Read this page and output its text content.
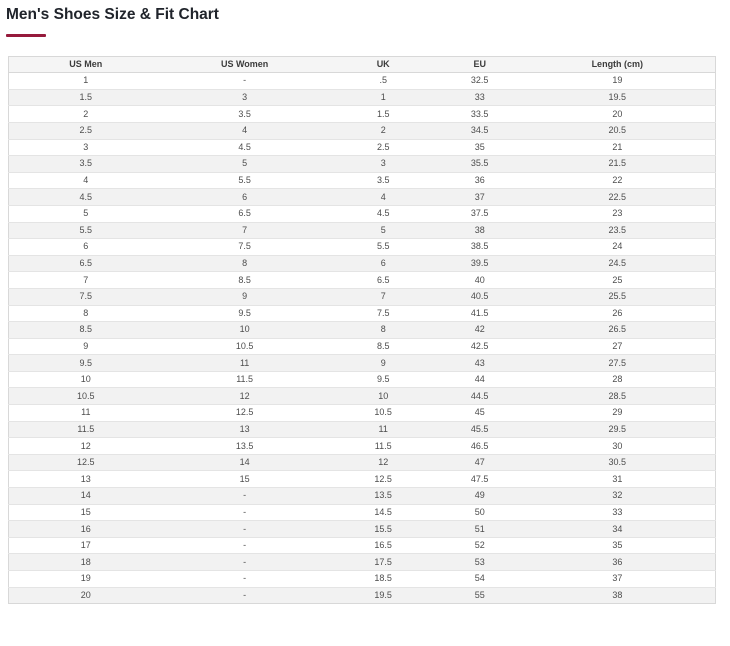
Men's Shoes Size & Fit Chart
US Men	US Women	UK	EU	Length (cm)
1	-	.5	32.5	19
1.5	3	1	33	19.5
2	3.5	1.5	33.5	20
2.5	4	2	34.5	20.5
3	4.5	2.5	35	21
3.5	5	3	35.5	21.5
4	5.5	3.5	36	22
4.5	6	4	37	22.5
5	6.5	4.5	37.5	23
5.5	7	5	38	23.5
6	7.5	5.5	38.5	24
6.5	8	6	39.5	24.5
7	8.5	6.5	40	25
7.5	9	7	40.5	25.5
8	9.5	7.5	41.5	26
8.5	10	8	42	26.5
9	10.5	8.5	42.5	27
9.5	11	9	43	27.5
10	11.5	9.5	44	28
10.5	12	10	44.5	28.5
11	12.5	10.5	45	29
11.5	13	11	45.5	29.5
12	13.5	11.5	46.5	30
12.5	14	12	47	30.5
13	15	12.5	47.5	31
14	-	13.5	49	32
15	-	14.5	50	33
16	-	15.5	51	34
17	-	16.5	52	35
18	-	17.5	53	36
19	-	18.5	54	37
20	-	19.5	55	38
